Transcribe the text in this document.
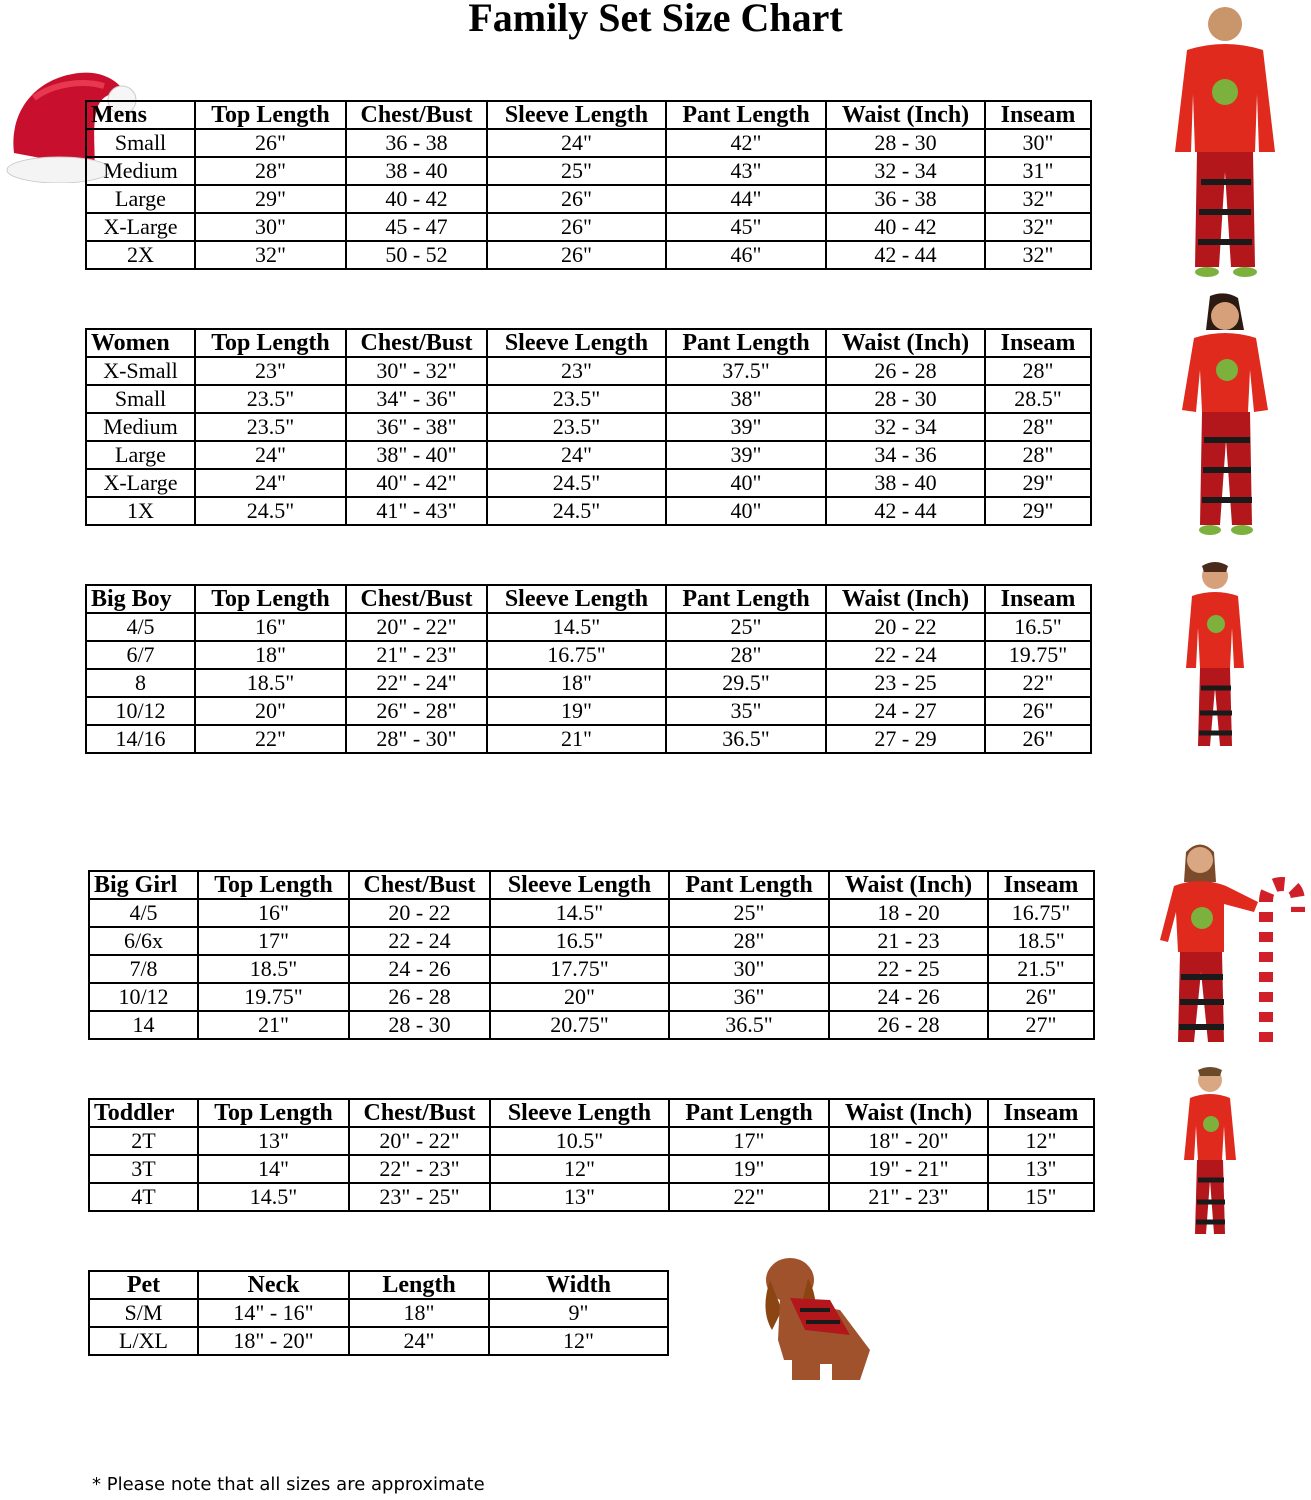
Family Set Size Chart
Mens	Top Length	Chest/Bust	Sleeve Length	Pant Length	Waist (Inch)	Inseam
Small	26"	36 - 38	24"	42"	28 - 30	30"
Medium	28"	38 - 40	25"	43"	32 - 34	31"
Large	29"	40 - 42	26"	44"	36 - 38	32"
X-Large	30"	45 - 47	26"	45"	40 - 42	32"
2X	32"	50 - 52	26"	46"	42 - 44	32"
Women	Top Length	Chest/Bust	Sleeve Length	Pant Length	Waist (Inch)	Inseam
X-Small	23"	30" - 32"	23"	37.5"	26 - 28	28"
Small	23.5"	34" - 36"	23.5"	38"	28 - 30	28.5"
Medium	23.5"	36" - 38"	23.5"	39"	32 - 34	28"
Large	24"	38" - 40"	24"	39"	34 - 36	28"
X-Large	24"	40" - 42"	24.5"	40"	38 - 40	29"
1X	24.5"	41" - 43"	24.5"	40"	42 - 44	29"
Big Boy	Top Length	Chest/Bust	Sleeve Length	Pant Length	Waist (Inch)	Inseam
4/5	16"	20" - 22"	14.5"	25"	20 - 22	16.5"
6/7	18"	21" - 23"	16.75"	28"	22 - 24	19.75"
8	18.5"	22" - 24"	18"	29.5"	23 - 25	22"
10/12	20"	26" - 28"	19"	35"	24 - 27	26"
14/16	22"	28" - 30"	21"	36.5"	27 - 29	26"
Big Girl	Top Length	Chest/Bust	Sleeve Length	Pant Length	Waist (Inch)	Inseam
4/5	16"	20 - 22	14.5"	25"	18 - 20	16.75"
6/6x	17"	22 - 24	16.5"	28"	21 - 23	18.5"
7/8	18.5"	24 - 26	17.75"	30"	22 - 25	21.5"
10/12	19.75"	26 - 28	20"	36"	24 - 26	26"
14	21"	28 - 30	20.75"	36.5"	26 - 28	27"
Toddler	Top Length	Chest/Bust	Sleeve Length	Pant Length	Waist (Inch)	Inseam
2T	13"	20" - 22"	10.5"	17"	18" - 20"	12"
3T	14"	22" - 23"	12"	19"	19" - 21"	13"
4T	14.5"	23" - 25"	13"	22"	21" - 23"	15"
Pet	Neck	Length	Width
S/M	14" - 16"	18"	9"
L/XL	18" - 20"	24"	12"
* Please note that all sizes are approximate
